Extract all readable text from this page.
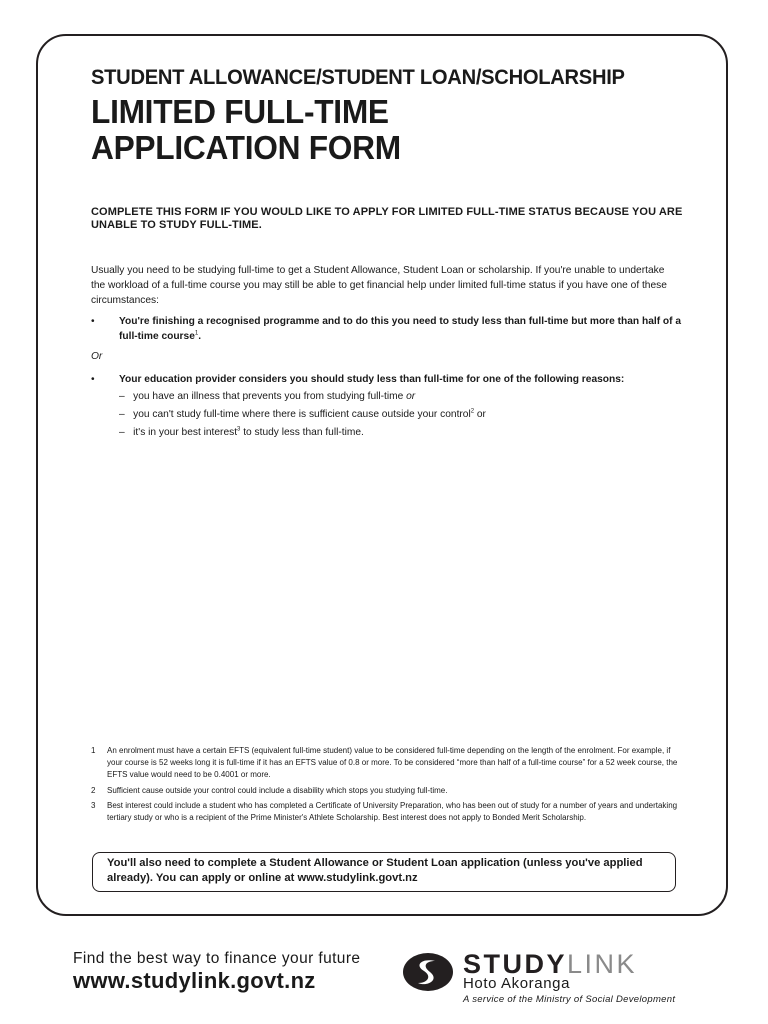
STUDENT ALLOWANCE/STUDENT LOAN/SCHOLARSHIP
LIMITED FULL-TIME
APPLICATION FORM
COMPLETE THIS FORM IF YOU WOULD LIKE TO APPLY FOR LIMITED FULL-TIME STATUS BECAUSE YOU ARE UNABLE TO STUDY FULL-TIME.
Usually you need to be studying full-time to get a Student Allowance, Student Loan or scholarship. If you're unable to undertake the workload of a full-time course you may still be able to get financial help under limited full-time status if you have one of these circumstances:
• You're finishing a recognised programme and to do this you need to study less than full-time but more than half of a full-time course$^1$.
Or
• Your education provider considers you should study less than full-time for one of the following reasons:
– you have an illness that prevents you from studying full-time or
– you can't study full-time where there is sufficient cause outside your control$^2$ or
– it's in your best interest$^3$ to study less than full-time.
1 An enrolment must have a certain EFTS (equivalent full-time student) value to be considered full-time depending on the length of the enrolment. For example, if your course is 52 weeks long it is full-time if it has an EFTS value of 0.8 or more. To be considered “more than half of a full-time course” for a 52 week course, the EFTS value would need to be 0.4001 or more.
2 Sufficient cause outside your control could include a disability which stops you studying full-time.
3 Best interest could include a student who has completed a Certificate of University Preparation, who has been out of study for a number of years and undertaking tertiary study or who is a recipient of the Prime Minister's Athlete Scholarship. Best interest does not apply to Bonded Merit Scholarship.
You'll also need to complete a Student Allowance or Student Loan application (unless you've applied already). You can apply or online at www.studylink.govt.nz
Find the best way to finance your future
www.studylink.govt.nz
STUDYLINK
Hoto Akoranga
A service of the Ministry of Social Development
